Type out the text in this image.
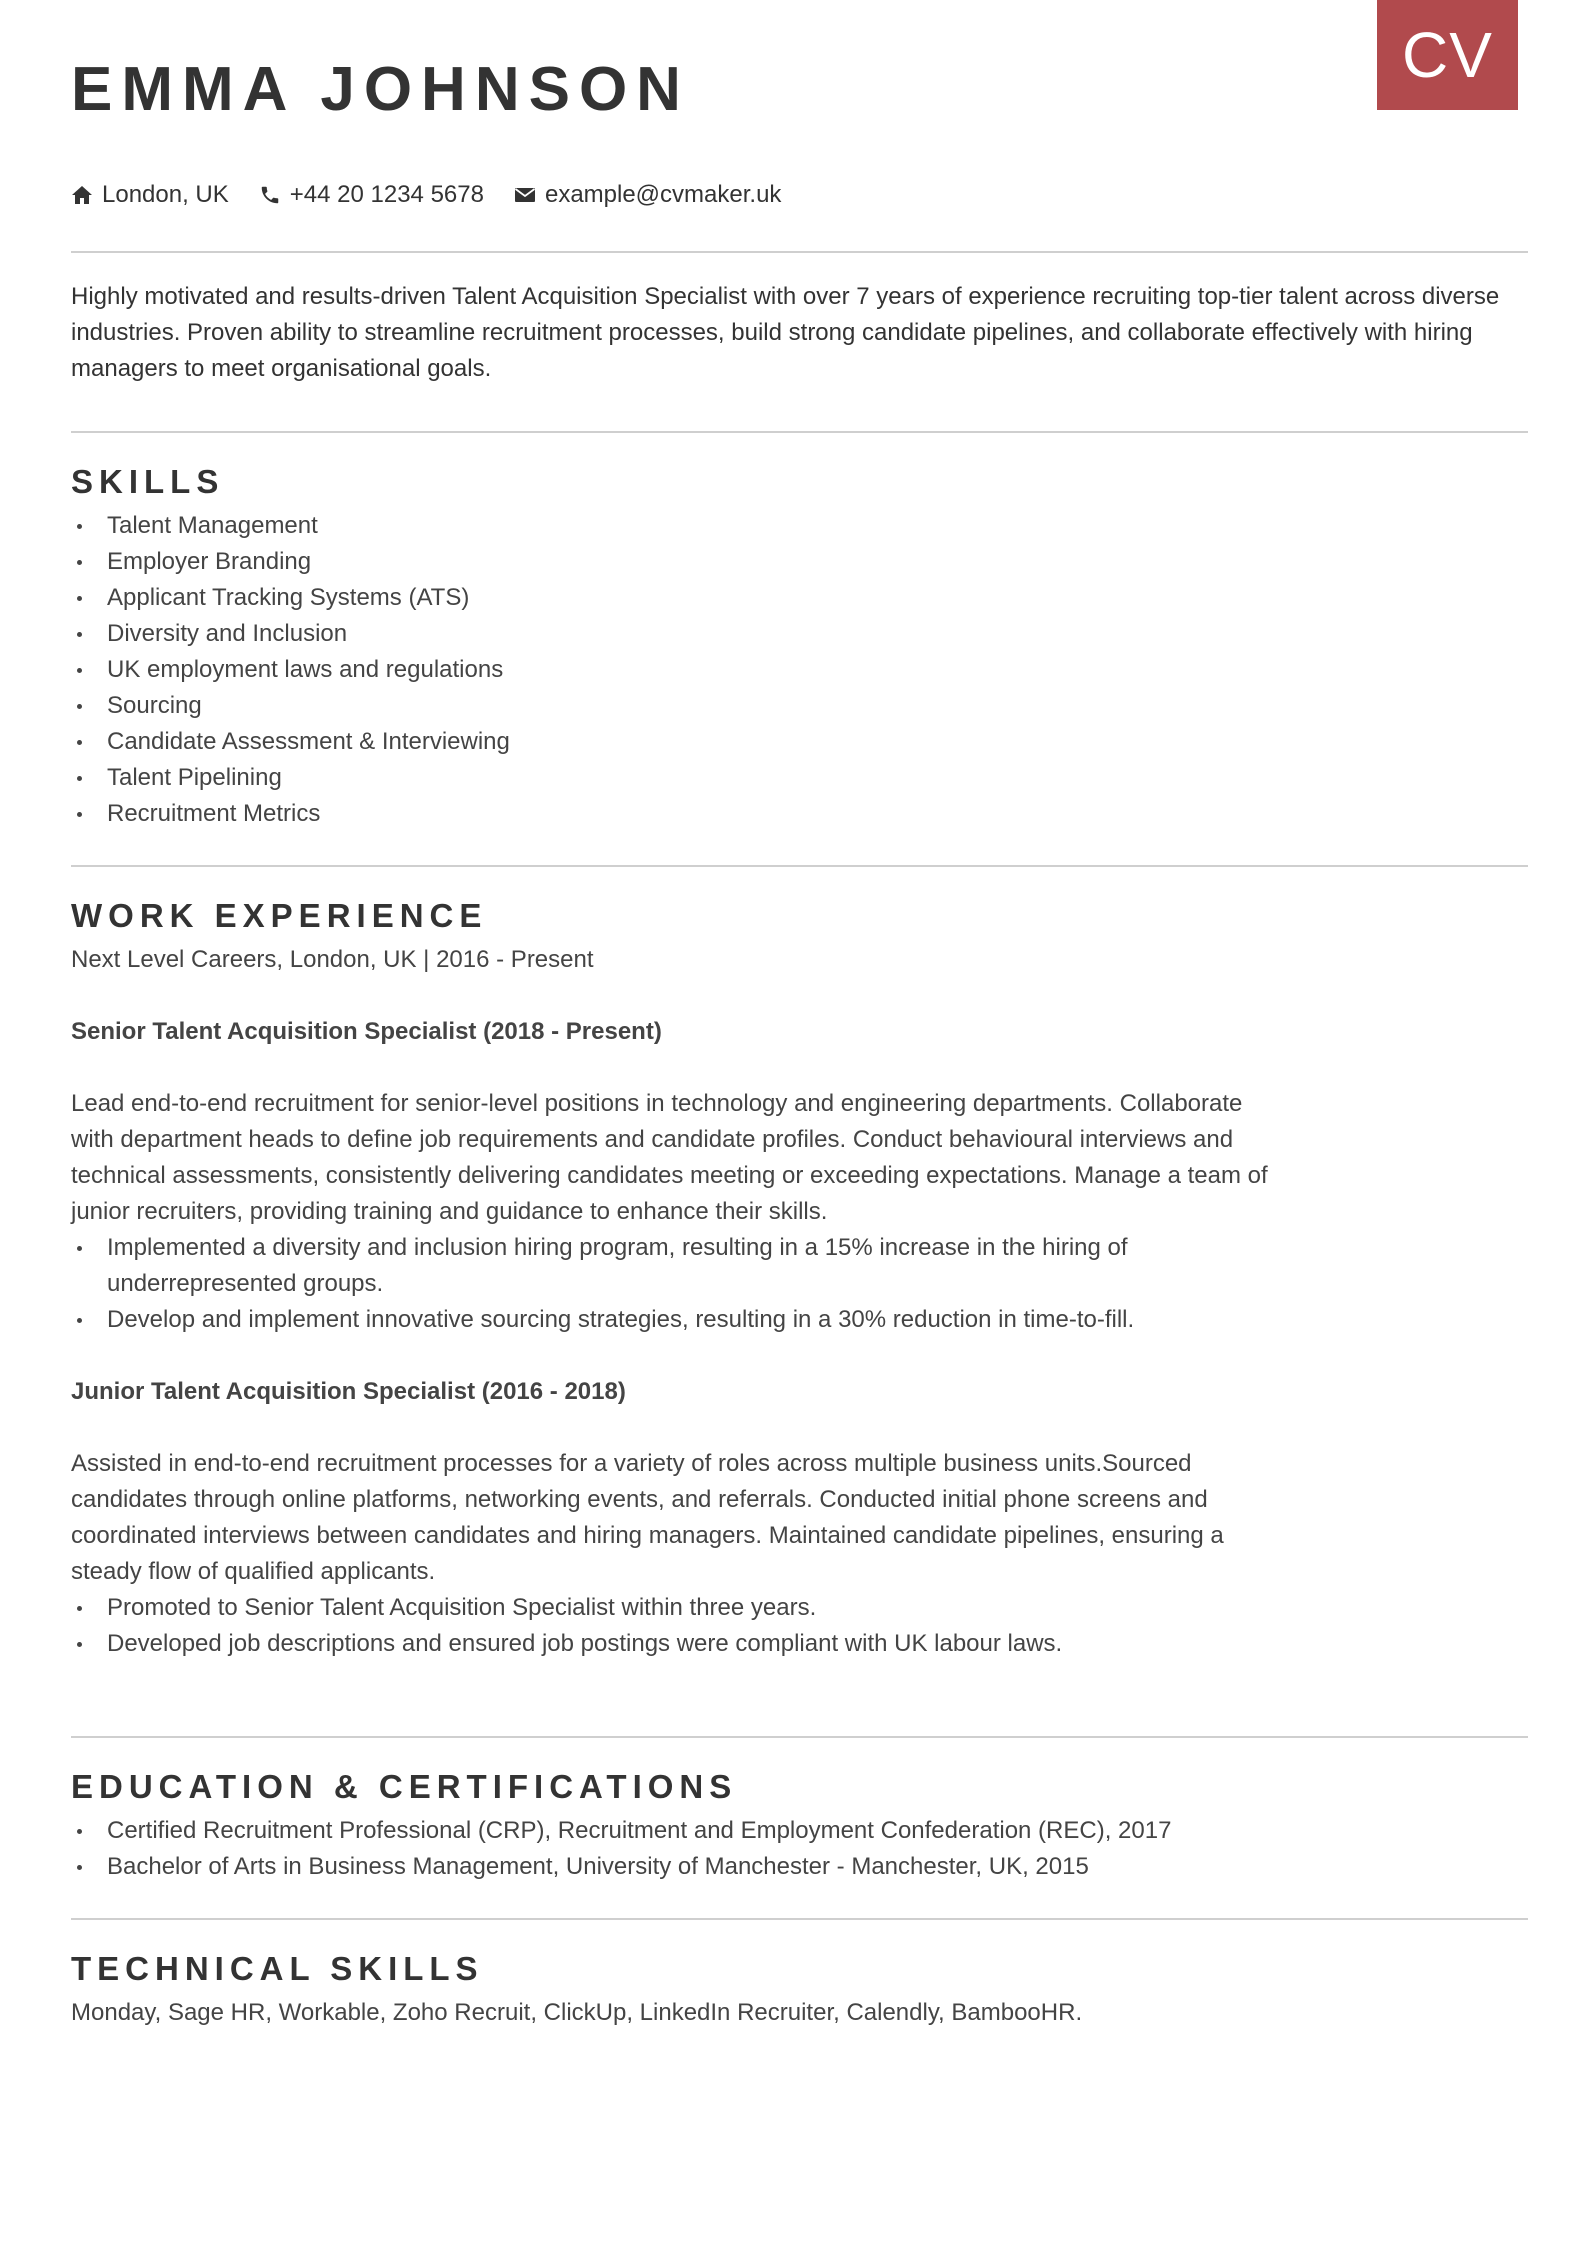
CV
EMMA JOHNSON
London, UK	+44 20 1234 5678	example@cvmaker.uk

Highly motivated and results-driven Talent Acquisition Specialist with over 7 years of experience recruiting top-tier talent across diverse industries. Proven ability to streamline recruitment processes, build strong candidate pipelines, and collaborate effectively with hiring managers to meet organisational goals.

SKILLS
Talent Management
Employer Branding
Applicant Tracking Systems (ATS)
Diversity and Inclusion
UK employment laws and regulations
Sourcing
Candidate Assessment & Interviewing
Talent Pipelining
Recruitment Metrics
WORK EXPERIENCE

Next Level Careers, London, UK | 2016 - Present

Senior Talent Acquisition Specialist (2018 - Present)

Lead end-to-end recruitment for senior-level positions in technology and engineering departments. Collaborate with department heads to define job requirements and candidate profiles. Conduct behavioural interviews and technical assessments, consistently delivering candidates meeting or exceeding expectations. Manage a team of junior recruiters, providing training and guidance to enhance their skills.

Implemented a diversity and inclusion hiring program, resulting in a 15% increase in the hiring of underrepresented groups.
Develop and implement innovative sourcing strategies, resulting in a 30% reduction in time-to-fill.

Junior Talent Acquisition Specialist (2016 - 2018)

Assisted in end-to-end recruitment processes for a variety of roles across multiple business units.Sourced candidates through online platforms, networking events, and referrals. Conducted initial phone screens and coordinated interviews between candidates and hiring managers. Maintained candidate pipelines, ensuring a steady flow of qualified applicants.

Promoted to Senior Talent Acquisition Specialist within three years.
Developed job descriptions and ensured job postings were compliant with UK labour laws.
EDUCATION & CERTIFICATIONS
Certified Recruitment Professional (CRP), Recruitment and Employment Confederation (REC), 2017
Bachelor of Arts in Business Management, University of Manchester - Manchester, UK, 2015
TECHNICAL SKILLS

Monday, Sage HR, Workable, Zoho Recruit, ClickUp, LinkedIn Recruiter, Calendly, BambooHR.
